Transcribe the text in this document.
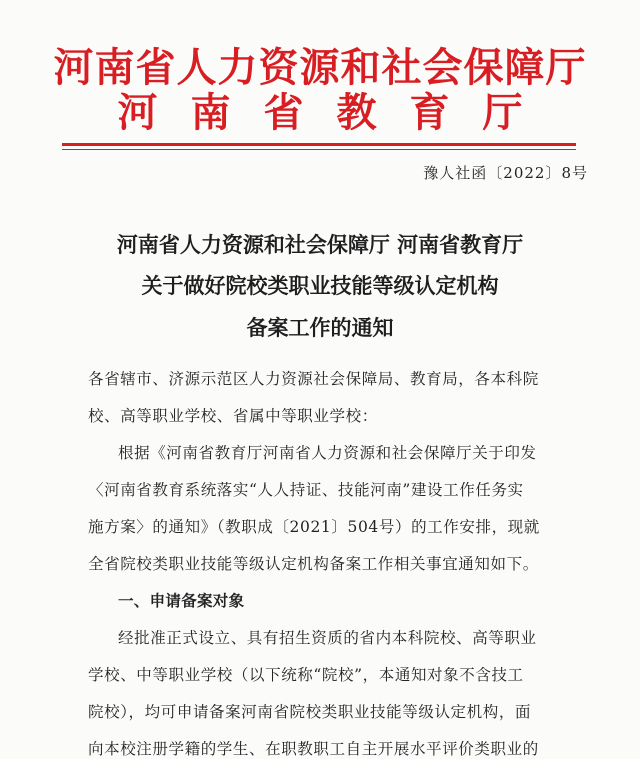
河南省人力资源和社会保障厅
河南省教育厅
豫人社函〔2022〕8号
河南省人力资源和社会保障厅 河南省教育厅
关于做好院校类职业技能等级认定机构
备案工作的通知
各省辖市、济源示范区人力资源社会保障局、教育局，各本科院
校、高等职业学校、省属中等职业学校：
根据《河南省教育厅河南省人力资源和社会保障厅关于印发
〈河南省教育系统落实“人人持证、技能河南”建设工作任务实
施方案〉的通知》（教职成〔2021〕504号）的工作安排，现就
全省院校类职业技能等级认定机构备案工作相关事宜通知如下。
一、申请备案对象
经批准正式设立、具有招生资质的省内本科院校、高等职业
学校、中等职业学校（以下统称“院校”，本通知对象不含技工
院校），均可申请备案河南省院校类职业技能等级认定机构，面
向本校注册学籍的学生、在职教职工自主开展水平评价类职业的
